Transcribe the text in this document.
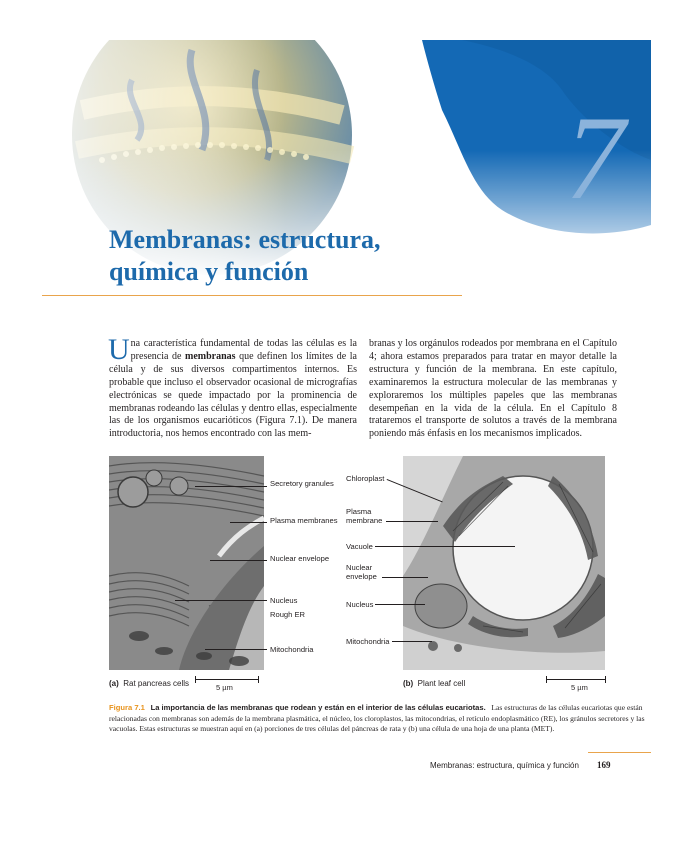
7
Membranas: estructura,
química y función
Una característica fundamental de todas las células es la presencia de membranas que definen los límites de la célula y de sus diversos compartimentos internos. Es probable que incluso el observador ocasional de micrografías electrónicas se quede impactado por la prominencia de membranas rodeando las células y dentro ellas, especialmente las de los organismos eucarióticos (Figura 7.1). De manera introductoria, nos hemos encontrado con las mem-
branas y los orgánulos rodeados por membrana en el Capítulo 4; ahora estamos preparados para tratar en mayor detalle la estructura y función de la membrana. En este capítulo, examinaremos la estructura molecular de las membranas y exploraremos los múltiples papeles que las membranas desempeñan en la vida de la célula. En el Capítulo 8 trataremos el transporte de solutos a través de la membrana poniendo más énfasis en los mecanismos implicados.
Secretory granules
Plasma membranes
Nuclear envelope
Nucleus
Rough ER
Mitochondria
(a) Rat pancreas cells	5 µm
Chloroplast
Plasma membrane
Vacuole
Nuclear envelope
Nucleus
Mitochondria
(b) Plant leaf cell	5 µm
Figura 7.1 La importancia de las membranas que rodean y están en el interior de las células eucariotas. Las estructuras de las células eucariotas que están relacionadas con membranas son además de la membrana plasmática, el núcleo, los cloroplastos, las mitocondrias, el retículo endoplasmático (RE), los gránulos secretores y las vacuolas. Estas estructuras se muestran aquí en (a) porciones de tres células del páncreas de rata y (b) una célula de una hoja de una planta (MET).
Membranas: estructura, química y función 169
